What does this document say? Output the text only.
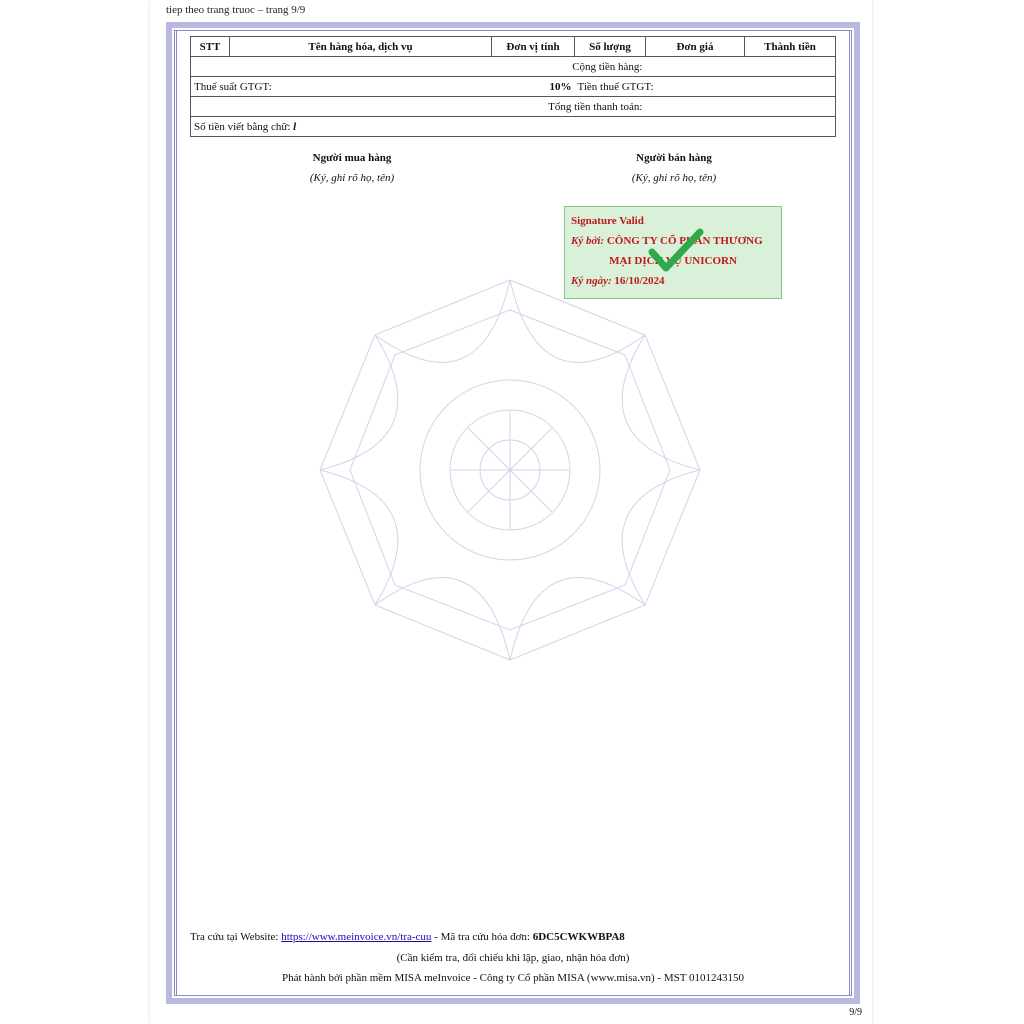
tiep theo trang truoc – trang 9/9
STT	Tên hàng hóa, dịch vụ	Đơn vị tính	Số lượng	Đơn giá	Thành tiền
Cộng tiền hàng:					
Thuế suất GTGT: 10%			Tiền thuế GTGT:		
Tổng tiền thanh toán:					
Số tiền viết bằng chữ: l					
Người mua hàng
(Ký, ghi rõ họ, tên)
Người bán hàng
(Ký, ghi rõ họ, tên)
Signature Valid
Ký bởi: CÔNG TY CỔ PHẦN THƯƠNG
MẠI DỊCH VỤ UNICORN
Ký ngày: 16/10/2024
Tra cứu tại Website: https://www.meinvoice.vn/tra-cuu - Mã tra cứu hóa đơn: 6DC5CWKWBPA8
(Cần kiểm tra, đối chiếu khi lập, giao, nhận hóa đơn)
Phát hành bởi phần mềm MISA meInvoice - Công ty Cổ phần MISA (www.misa.vn) - MST 0101243150
9/9
